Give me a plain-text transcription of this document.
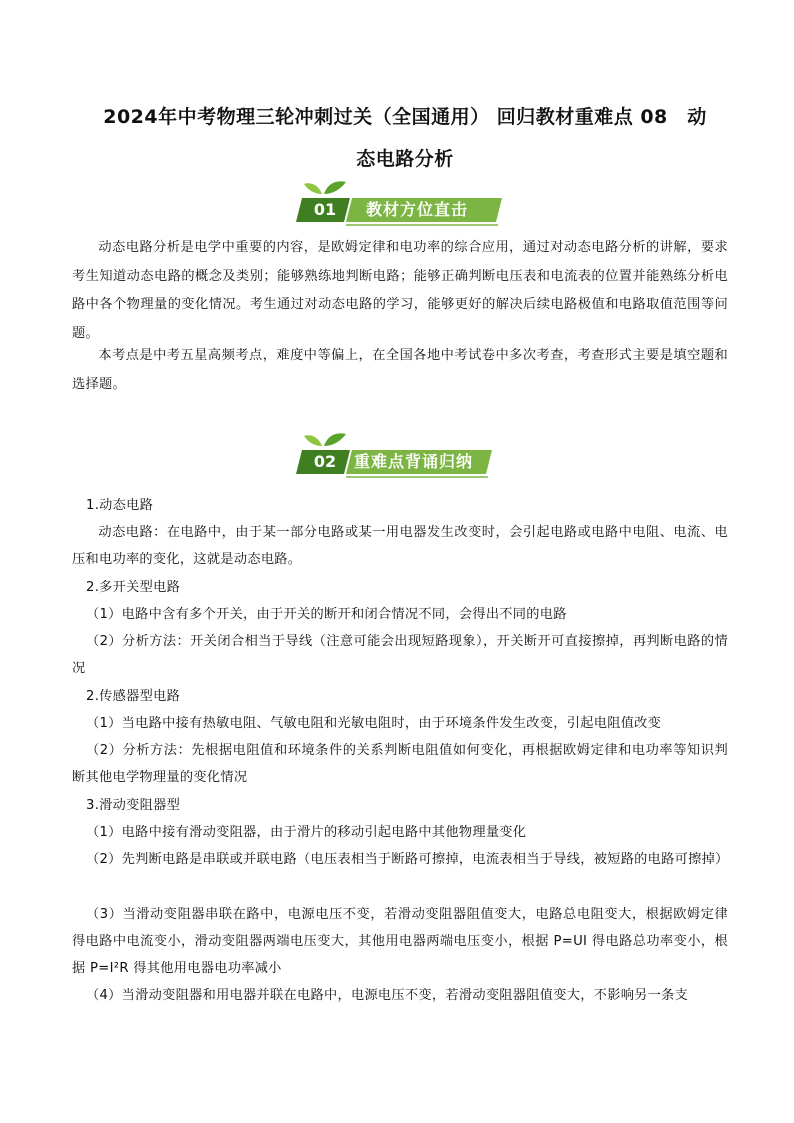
2024年中考物理三轮冲刺过关（全国通用） 回归教材重难点 08　动
态电路分析
01	教材方位直击
动态电路分析是电学中重要的内容，是欧姆定律和电功率的综合应用，通过对动态电路分析的讲解，要求考生知道动态电路的概念及类别；能够熟练地判断电路；能够正确判断电压表和电流表的位置并能熟练分析电路中各个物理量的变化情况。考生通过对动态电路的学习，能够更好的解决后续电路极值和电路取值范围等问题。
本考点是中考五星高频考点，难度中等偏上，在全国各地中考试卷中多次考查，考查形式主要是填空题和选择题。
02	重难点背诵归纳
1.动态电路
动态电路：在电路中，由于某一部分电路或某一用电器发生改变时，会引起电路或电路中电阻、电流、电压和电功率的变化，这就是动态电路。
2.多开关型电路
（1）电路中含有多个开关，由于开关的断开和闭合情况不同，会得出不同的电路
（2）分析方法：开关闭合相当于导线（注意可能会出现短路现象），开关断开可直接擦掉，再判断电路的情况
2.传感器型电路
（1）当电路中接有热敏电阻、气敏电阻和光敏电阻时，由于环境条件发生改变，引起电阻值改变
（2）分析方法：先根据电阻值和环境条件的关系判断电阻值如何变化，再根据欧姆定律和电功率等知识判断其他电学物理量的变化情况
3.滑动变阻器型
（1）电路中接有滑动变阻器，由于滑片的移动引起电路中其他物理量变化
（2）先判断电路是串联或并联电路（电压表相当于断路可擦掉，电流表相当于导线，被短路的电路可擦掉）
（3）当滑动变阻器串联在路中，电源电压不变，若滑动变阻器阻值变大，电路总电阻变大，根据欧姆定律得电路中电流变小，滑动变阻器两端电压变大，其他用电器两端电压变小，根据 P=UI 得电路总功率变小，根据 P=I²R 得其他用电器电功率减小
（4）当滑动变阻器和用电器并联在电路中，电源电压不变，若滑动变阻器阻值变大，不影响另一条支
